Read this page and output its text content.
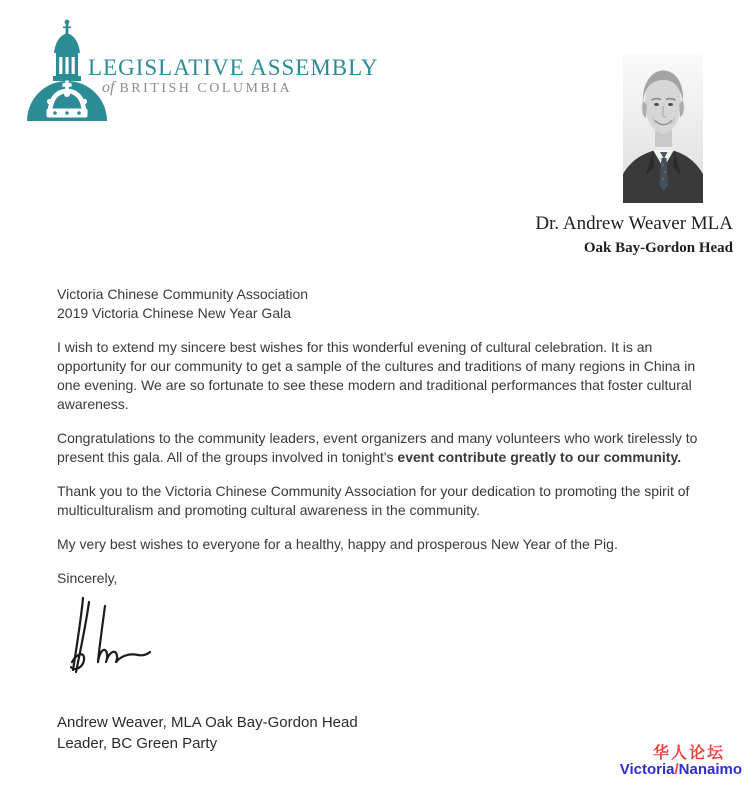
LEGISLATIVE ASSEMBLY
of BRITISH COLUMBIA
Dr. Andrew Weaver MLA
Oak Bay-Gordon Head
Victoria Chinese Community Association
2019 Victoria Chinese New Year Gala
I wish to extend my sincere best wishes for this wonderful evening of cultural celebration. It is an
opportunity for our community to get a sample of the cultures and traditions of many regions in China in
one evening. We are so fortunate to see these modern and traditional performances that foster cultural
awareness.
Congratulations to the community leaders, event organizers and many volunteers who work tirelessly to
present this gala. All of the groups involved in tonight's event contribute greatly to our community.
Thank you to the Victoria Chinese Community Association for your dedication to promoting the spirit of
multiculturalism and promoting cultural awareness in the community.
My very best wishes to everyone for a healthy, happy and prosperous New Year of the Pig.
Sincerely,
Andrew Weaver, MLA Oak Bay-Gordon Head
Leader, BC Green Party
华人论坛
Victoria/Nanaimo
